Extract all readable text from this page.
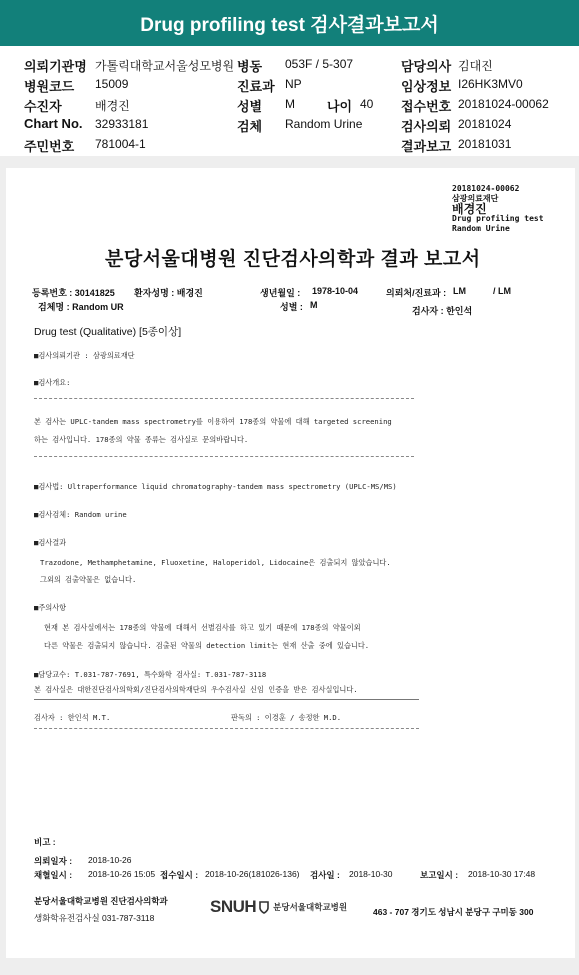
Drug profiling test 검사결과보고서
의뢰기관명 가톨릭대학교서울성모병원 병동 053F / 5-307	담당의사 김대진
병원코드 15009	진료과 NP	임상정보 I26HK3MV0
수진자	배경진	성별 M 나이 40 접수번호 20181024-00062
Chart No. 32933181	검체 Random Urine	검사의뢰 20181024
주민번호 781004-1	결과보고 20181031
20181024-00062
삼광의료재단
배경진
Drug profiling test
Random Urine
분당서울대병원 진단검사의학과 결과 보고서
등록번호 : 30141825 환자성명 : 배경진	생년월일 : 1978-10-04	의뢰처/진료과 : LM	/ LM
검체명 : Random UR	성별 : M
검사자 : 한인석
Drug test (Qualitative) [5종이상]
■검사의뢰기관 : 삼광의료재단
■검사개요:
본 검사는 UPLC-tandem mass spectrometry를 이용하여 178종의 약물에 대해 targeted screening
하는 검사입니다. 178종의 약물 종류는 검사실로 문의바랍니다.
■검사법: Ultraperformance liquid chromatography-tandem mass spectrometry (UPLC-MS/MS)
■검사검체: Random urine
■검사결과
Trazodone, Methamphetamine, Fluoxetine, Haloperidol, Lidocaine은 검출되지 않았습니다.
그외의 검출약물은 없습니다.
■주의사항
현재 본 검사실에서는 178종의 약물에 대해서 선별검사를 하고 있기 때문에 178종의 약물이외
다른 약물은 검출되지 않습니다. 검출된 약물의 detection limit는 현재 산출 중에 있습니다.
■담당교수: T.031-787-7691, 특수화학 검사실: T.031-787-3118
본 검사실은 대한진단검사의학회/진단검사의학재단의 우수검사실 신임 인증을 받은 검사실입니다.
검사자 : 한인석 M.T.	판독의 : 이경훈 / 송정한 M.D.
비고 :
의뢰일자 : 2018-10-26
채혈일시 : 2018-10-26 15:05 접수일시 : 2018-10-26(181026-136) 검사일 : 2018-10-30	보고일시 : 2018-10-30 17:48
분당서울대학교병원 진단검사의학과
생화학유전검사실 031-787-3118
SNUH 분당서울대학교병원	463 - 707 경기도 성남시 분당구 구미동 300
